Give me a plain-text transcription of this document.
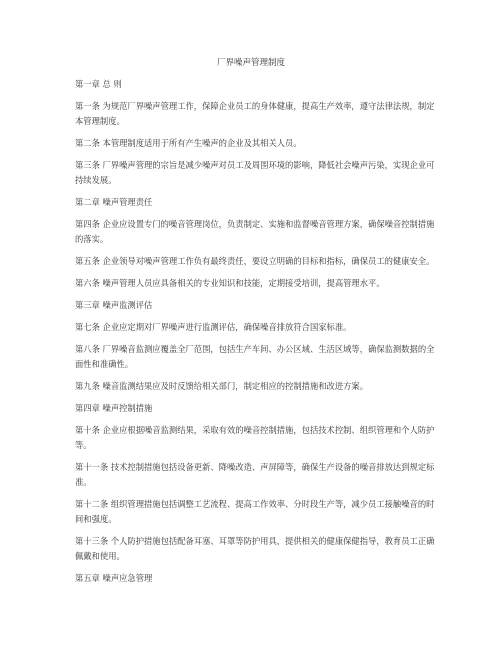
厂界噪声管理制度

第一章 总 则

第一条 为规范厂界噪声管理工作，保障企业员工的身体健康，提高生产效率，遵守法律法规，制定本管理制度。

第二条 本管理制度适用于所有产生噪声的企业及其相关人员。

第三条 厂界噪声管理的宗旨是减少噪声对员工及周围环境的影响，降低社会噪声污染，实现企业可持续发展。

第二章 噪声管理责任

第四条 企业应设置专门的噪音管理岗位，负责制定、实施和监督噪音管理方案，确保噪音控制措施的落实。

第五条 企业领导对噪声管理工作负有最终责任，要设立明确的目标和指标，确保员工的健康安全。

第六条 噪声管理人员应具备相关的专业知识和技能，定期接受培训，提高管理水平。

第三章 噪声监测评估

第七条 企业应定期对厂界噪声进行监测评估，确保噪音排放符合国家标准。

第八条 厂界噪音监测应覆盖全厂范围，包括生产车间、办公区域、生活区域等，确保监测数据的全面性和准确性。

第九条 噪音监测结果应及时反馈给相关部门，制定相应的控制措施和改进方案。

第四章 噪声控制措施

第十条 企业应根据噪音监测结果，采取有效的噪音控制措施，包括技术控制、组织管理和个人防护等。

第十一条 技术控制措施包括设备更新、降噪改造、声屏障等，确保生产设备的噪音排放达到规定标准。

第十二条 组织管理措施包括调整工艺流程、提高工作效率、分时段生产等，减少员工接触噪音的时间和强度。

第十三条 个人防护措施包括配备耳塞、耳罩等防护用具，提供相关的健康保健指导，教育员工正确佩戴和使用。

第五章 噪声应急管理
